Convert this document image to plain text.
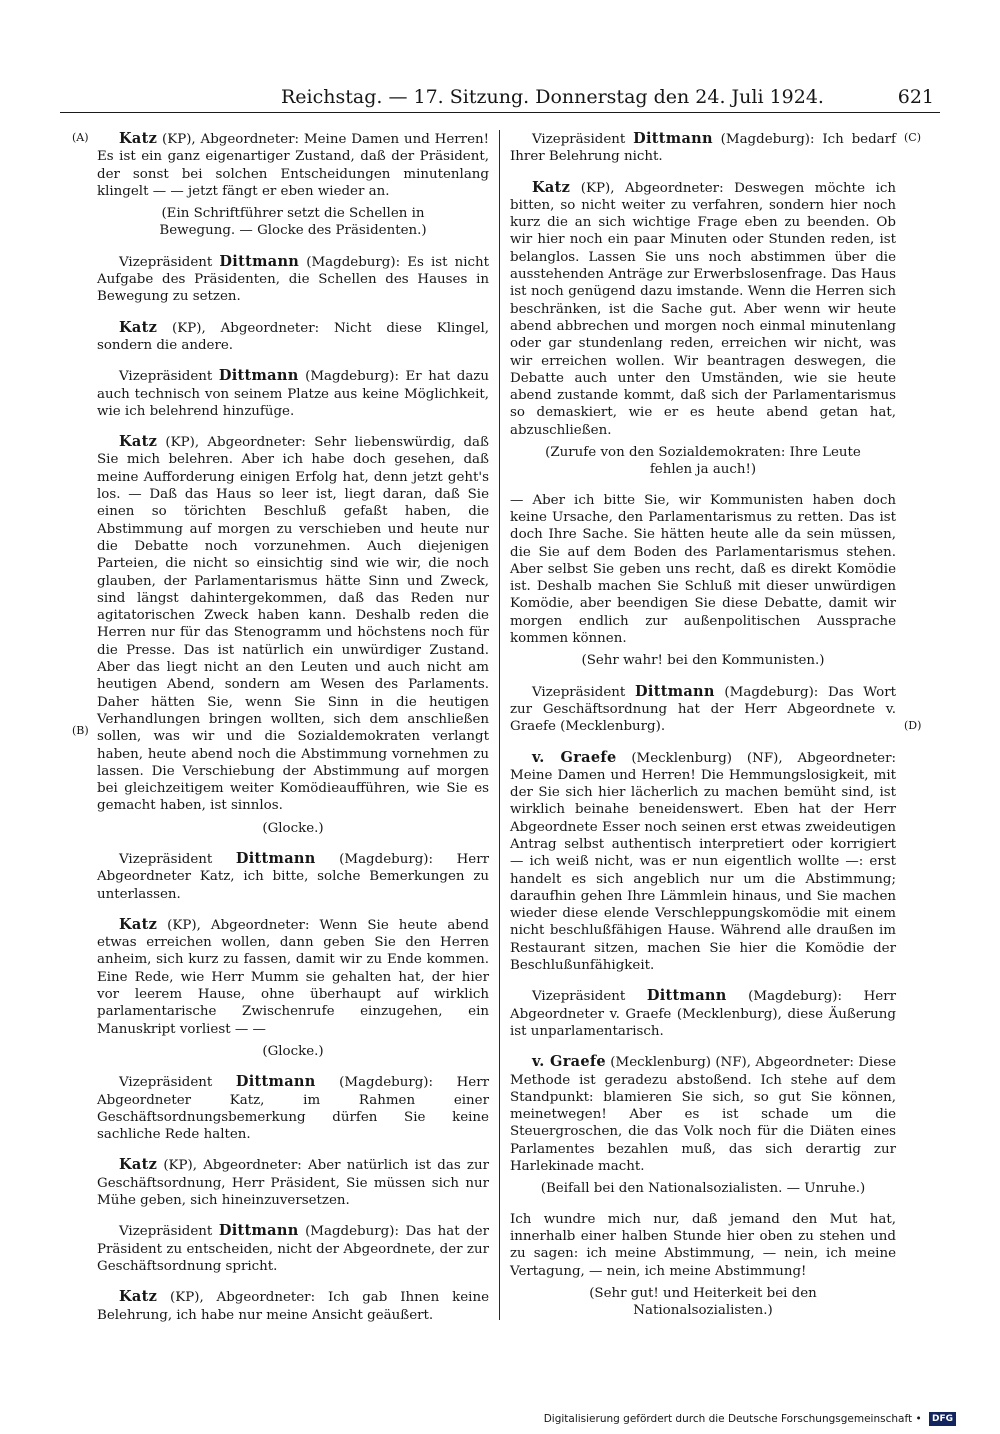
Reichstag. — 17. Sitzung. Donnerstag den 24. Juli 1924.	621
(A)
(B)
(C)
(D)

Katz (KP), Abgeordneter: Meine Damen und Herren! Es ist ein ganz eigenartiger Zustand, daß der Präsident, der sonst bei solchen Entscheidungen minutenlang klingelt — — jetzt fängt er eben wieder an.

(Ein Schriftführer setzt die Schellen in Bewegung. — Glocke des Präsidenten.)

Vizepräsident Dittmann (Magdeburg): Es ist nicht Aufgabe des Präsidenten, die Schellen des Hauses in Bewegung zu setzen.

Katz (KP), Abgeordneter: Nicht diese Klingel, sondern die andere.

Vizepräsident Dittmann (Magdeburg): Er hat dazu auch technisch von seinem Platze aus keine Möglichkeit, wie ich belehrend hinzufüge.

Katz (KP), Abgeordneter: Sehr liebenswürdig, daß Sie mich belehren. Aber ich habe doch gesehen, daß meine Aufforderung einigen Erfolg hat, denn jetzt geht's los. — Daß das Haus so leer ist, liegt daran, daß Sie einen so törichten Beschluß gefaßt haben, die Abstimmung auf morgen zu verschieben und heute nur die Debatte noch vorzunehmen. Auch diejenigen Parteien, die nicht so einsichtig sind wie wir, die noch glauben, der Parlamentarismus hätte Sinn und Zweck, sind längst dahintergekommen, daß das Reden nur agitatorischen Zweck haben kann. Deshalb reden die Herren nur für das Stenogramm und höchstens noch für die Presse. Das ist natürlich ein unwürdiger Zustand. Aber das liegt nicht an den Leuten und auch nicht am heutigen Abend, sondern am Wesen des Parlaments. Daher hätten Sie, wenn Sie Sinn in die heutigen Verhandlungen bringen wollten, sich dem anschließen sollen, was wir und die Sozialdemokraten verlangt haben, heute abend noch die Abstimmung vornehmen zu lassen. Die Verschiebung der Abstimmung auf morgen bei gleichzeitigem weiter Komödieaufführen, wie Sie es gemacht haben, ist sinnlos.

(Glocke.)

Vizepräsident Dittmann (Magdeburg): Herr Abgeordneter Katz, ich bitte, solche Bemerkungen zu unterlassen.

Katz (KP), Abgeordneter: Wenn Sie heute abend etwas erreichen wollen, dann geben Sie den Herren anheim, sich kurz zu fassen, damit wir zu Ende kommen. Eine Rede, wie Herr Mumm sie gehalten hat, der hier vor leerem Hause, ohne überhaupt auf wirklich parlamentarische Zwischenrufe einzugehen, ein Manuskript vorliest — —

(Glocke.)

Vizepräsident Dittmann (Magdeburg): Herr Abgeordneter Katz, im Rahmen einer Geschäftsordnungsbemerkung dürfen Sie keine sachliche Rede halten.

Katz (KP), Abgeordneter: Aber natürlich ist das zur Geschäftsordnung, Herr Präsident, Sie müssen sich nur Mühe geben, sich hineinzuversetzen.

Vizepräsident Dittmann (Magdeburg): Das hat der Präsident zu entscheiden, nicht der Abgeordnete, der zur Geschäftsordnung spricht.

Katz (KP), Abgeordneter: Ich gab Ihnen keine Belehrung, ich habe nur meine Ansicht geäußert.

Vizepräsident Dittmann (Magdeburg): Ich bedarf Ihrer Belehrung nicht.

Katz (KP), Abgeordneter: Deswegen möchte ich bitten, so nicht weiter zu verfahren, sondern hier noch kurz die an sich wichtige Frage eben zu beenden. Ob wir hier noch ein paar Minuten oder Stunden reden, ist belanglos. Lassen Sie uns noch abstimmen über die ausstehenden Anträge zur Erwerbslosenfrage. Das Haus ist noch genügend dazu imstande. Wenn die Herren sich beschränken, ist die Sache gut. Aber wenn wir heute abend abbrechen und morgen noch einmal minutenlang oder gar stundenlang reden, erreichen wir nicht, was wir erreichen wollen. Wir beantragen deswegen, die Debatte auch unter den Umständen, wie sie heute abend zustande kommt, daß sich der Parlamentarismus so demaskiert, wie er es heute abend getan hat, abzuschließen.

(Zurufe von den Sozialdemokraten: Ihre Leute fehlen ja auch!)

— Aber ich bitte Sie, wir Kommunisten haben doch keine Ursache, den Parlamentarismus zu retten. Das ist doch Ihre Sache. Sie hätten heute alle da sein müssen, die Sie auf dem Boden des Parlamentarismus stehen. Aber selbst Sie geben uns recht, daß es direkt Komödie ist. Deshalb machen Sie Schluß mit dieser unwürdigen Komödie, aber beendigen Sie diese Debatte, damit wir morgen endlich zur außenpolitischen Aussprache kommen können.

(Sehr wahr! bei den Kommunisten.)

Vizepräsident Dittmann (Magdeburg): Das Wort zur Geschäftsordnung hat der Herr Abgeordnete v. Graefe (Mecklenburg).

v. Graefe (Mecklenburg) (NF), Abgeordneter: Meine Damen und Herren! Die Hemmungslosigkeit, mit der Sie sich hier lächerlich zu machen bemüht sind, ist wirklich beinahe beneidenswert. Eben hat der Herr Abgeordnete Esser noch seinen erst etwas zweideutigen Antrag selbst authentisch interpretiert oder korrigiert — ich weiß nicht, was er nun eigentlich wollte —: erst handelt es sich angeblich nur um die Abstimmung; daraufhin gehen Ihre Lämmlein hinaus, und Sie machen wieder diese elende Verschleppungskomödie mit einem nicht beschlußfähigen Hause. Während alle draußen im Restaurant sitzen, machen Sie hier die Komödie der Beschlußunfähigkeit.

Vizepräsident Dittmann (Magdeburg): Herr Abgeordneter v. Graefe (Mecklenburg), diese Äußerung ist unparlamentarisch.

v. Graefe (Mecklenburg) (NF), Abgeordneter: Diese Methode ist geradezu abstoßend. Ich stehe auf dem Standpunkt: blamieren Sie sich, so gut Sie können, meinetwegen! Aber es ist schade um die Steuergroschen, die das Volk noch für die Diäten eines Parlamentes bezahlen muß, das sich derartig zur Harlekinade macht.

(Beifall bei den Nationalsozialisten. — Unruhe.)

Ich wundre mich nur, daß jemand den Mut hat, innerhalb einer halben Stunde hier oben zu stehen und zu sagen: ich meine Abstimmung, — nein, ich meine Vertagung, — nein, ich meine Abstimmung!

(Sehr gut! und Heiterkeit bei den Nationalsozialisten.)

Digitalisierung gefördert durch die Deutsche Forschungsgemeinschaft • DFG
